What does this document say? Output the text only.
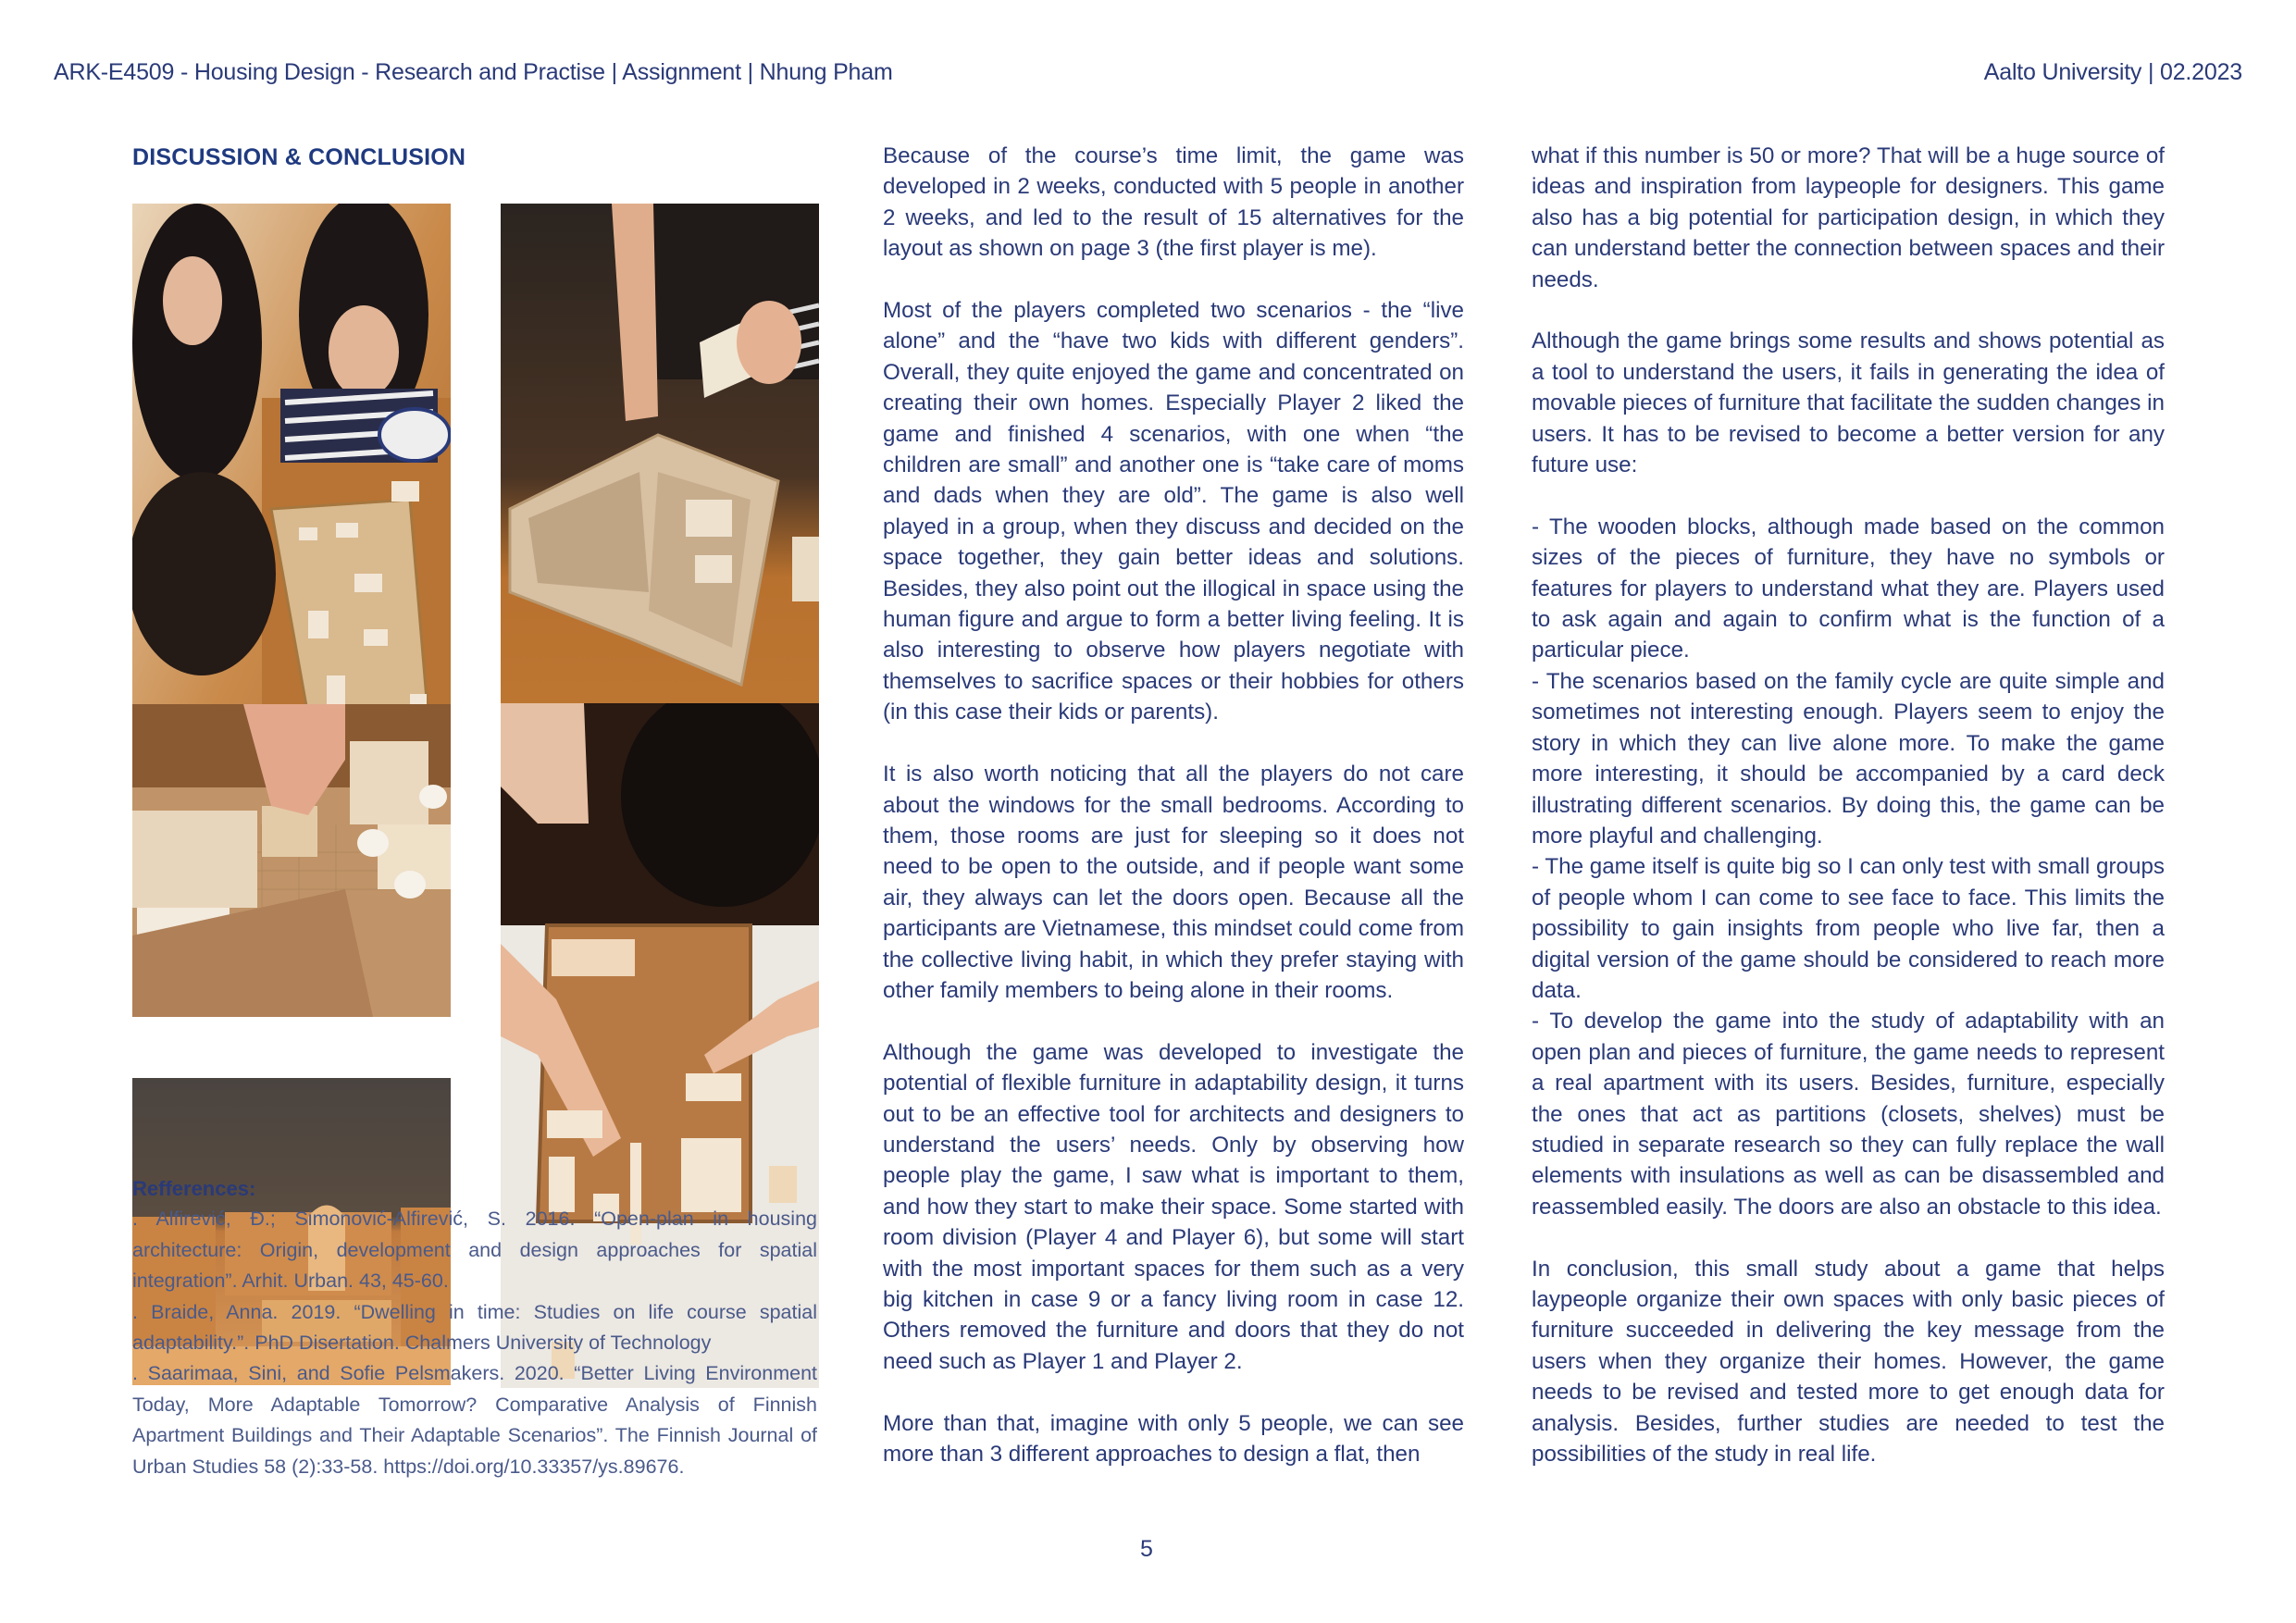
ARK-E4509 - Housing Design - Research and Practise | Assignment | Nhung Pham	Aalto University | 02.2023
DISCUSSION & CONCLUSION

Refferences:

. Alfirević, Đ.; Simonović-Alfirević, S. 2016. “Open-plan in housing architecture: Origin, development and design approaches for spatial integration”. Arhit. Urban. 43, 45-60.

. Braide, Anna. 2019. “Dwelling in time: Studies on life course spatial adaptability.”. PhD Disertation. Chalmers University of Technology

. Saarimaa, Sini, and Sofie Pelsmakers. 2020. “Better Living Environment Today, More Adaptable Tomorrow? Comparative Analysis of Finnish Apartment Buildings and Their Adaptable Scenarios”. The Finnish Journal of Urban Studies 58 (2):33-58. https://doi.org/10.33357/ys.89676.

Because of the course’s time limit, the game was developed in 2 weeks, conducted with 5 people in another 2 weeks, and led to the result of 15 alternatives for the layout as shown on page 3 (the first player is me).

Most of the players completed two scenarios - the “live alone” and the “have two kids with different genders”. Overall, they quite enjoyed the game and concentrated on creating their own homes. Especially Player 2 liked the game and finished 4 scenarios, with one when “the children are small” and another one is “take care of moms and dads when they are old”. The game is also well played in a group, when they discuss and decided on the space together, they gain better ideas and solutions. Besides, they also point out the illogical in space using the human figure and argue to form a better living feeling. It is also interesting to observe how players negotiate with themselves to sacrifice spaces or their hobbies for others (in this case their kids or parents).

It is also worth noticing that all the players do not care about the windows for the small bedrooms. According to them, those rooms are just for sleeping so it does not need to be open to the outside, and if people want some air, they always can let the doors open. Because all the participants are Vietnamese, this mindset could come from the collective living habit, in which they prefer staying with other family members to being alone in their rooms.

Although the game was developed to investigate the potential of flexible furniture in adaptability design, it turns out to be an effective tool for architects and designers to understand the users’ needs. Only by observing how people play the game, I saw what is important to them, and how they start to make their space. Some started with room division (Player 4 and Player 6), but some will start with the most important spaces for them such as a very big kitchen in case 9 or a fancy living room in case 12. Others removed the furniture and doors that they do not need such as Player 1 and Player 2.

More than that, imagine with only 5 people, we can see more than 3 different approaches to design a flat, then

what if this number is 50 or more? That will be a huge source of ideas and inspiration from laypeople for designers. This game also has a big potential for participation design, in which they can understand better the connection between spaces and their needs.

Although the game brings some results and shows potential as a tool to understand the users, it fails in generating the idea of movable pieces of furniture that facilitate the sudden changes in users. It has to be revised to become a better version for any future use:

- The wooden blocks, although made based on the common sizes of the pieces of furniture, they have no symbols or features for players to understand what they are. Players used to ask again and again to confirm what is the function of a particular piece.

- The scenarios based on the family cycle are quite simple and sometimes not interesting enough. Players seem to enjoy the story in which they can live alone more. To make the game more interesting, it should be accompanied by a card deck illustrating different scenarios. By doing this, the game can be more playful and challenging.

- The game itself is quite big so I can only test with small groups of people whom I can come to see face to face. This limits the possibility to gain insights from people who live far, then a digital version of the game should be considered to reach more data.

- To develop the game into the study of adaptability with an open plan and pieces of furniture, the game needs to represent a real apartment with its users. Besides, furniture, especially the ones that act as partitions (closets, shelves) must be studied in separate research so they can fully replace the wall elements with insulations as well as can be disassembled and reassembled easily. The doors are also an obstacle to this idea.

In conclusion, this small study about a game that helps laypeople organize their own spaces with only basic pieces of furniture succeeded in delivering the key message from the users when they organize their homes. However, the game needs to be revised and tested more to get enough data for analysis. Besides, further studies are needed to test the possibilities of the study in real life.

5
